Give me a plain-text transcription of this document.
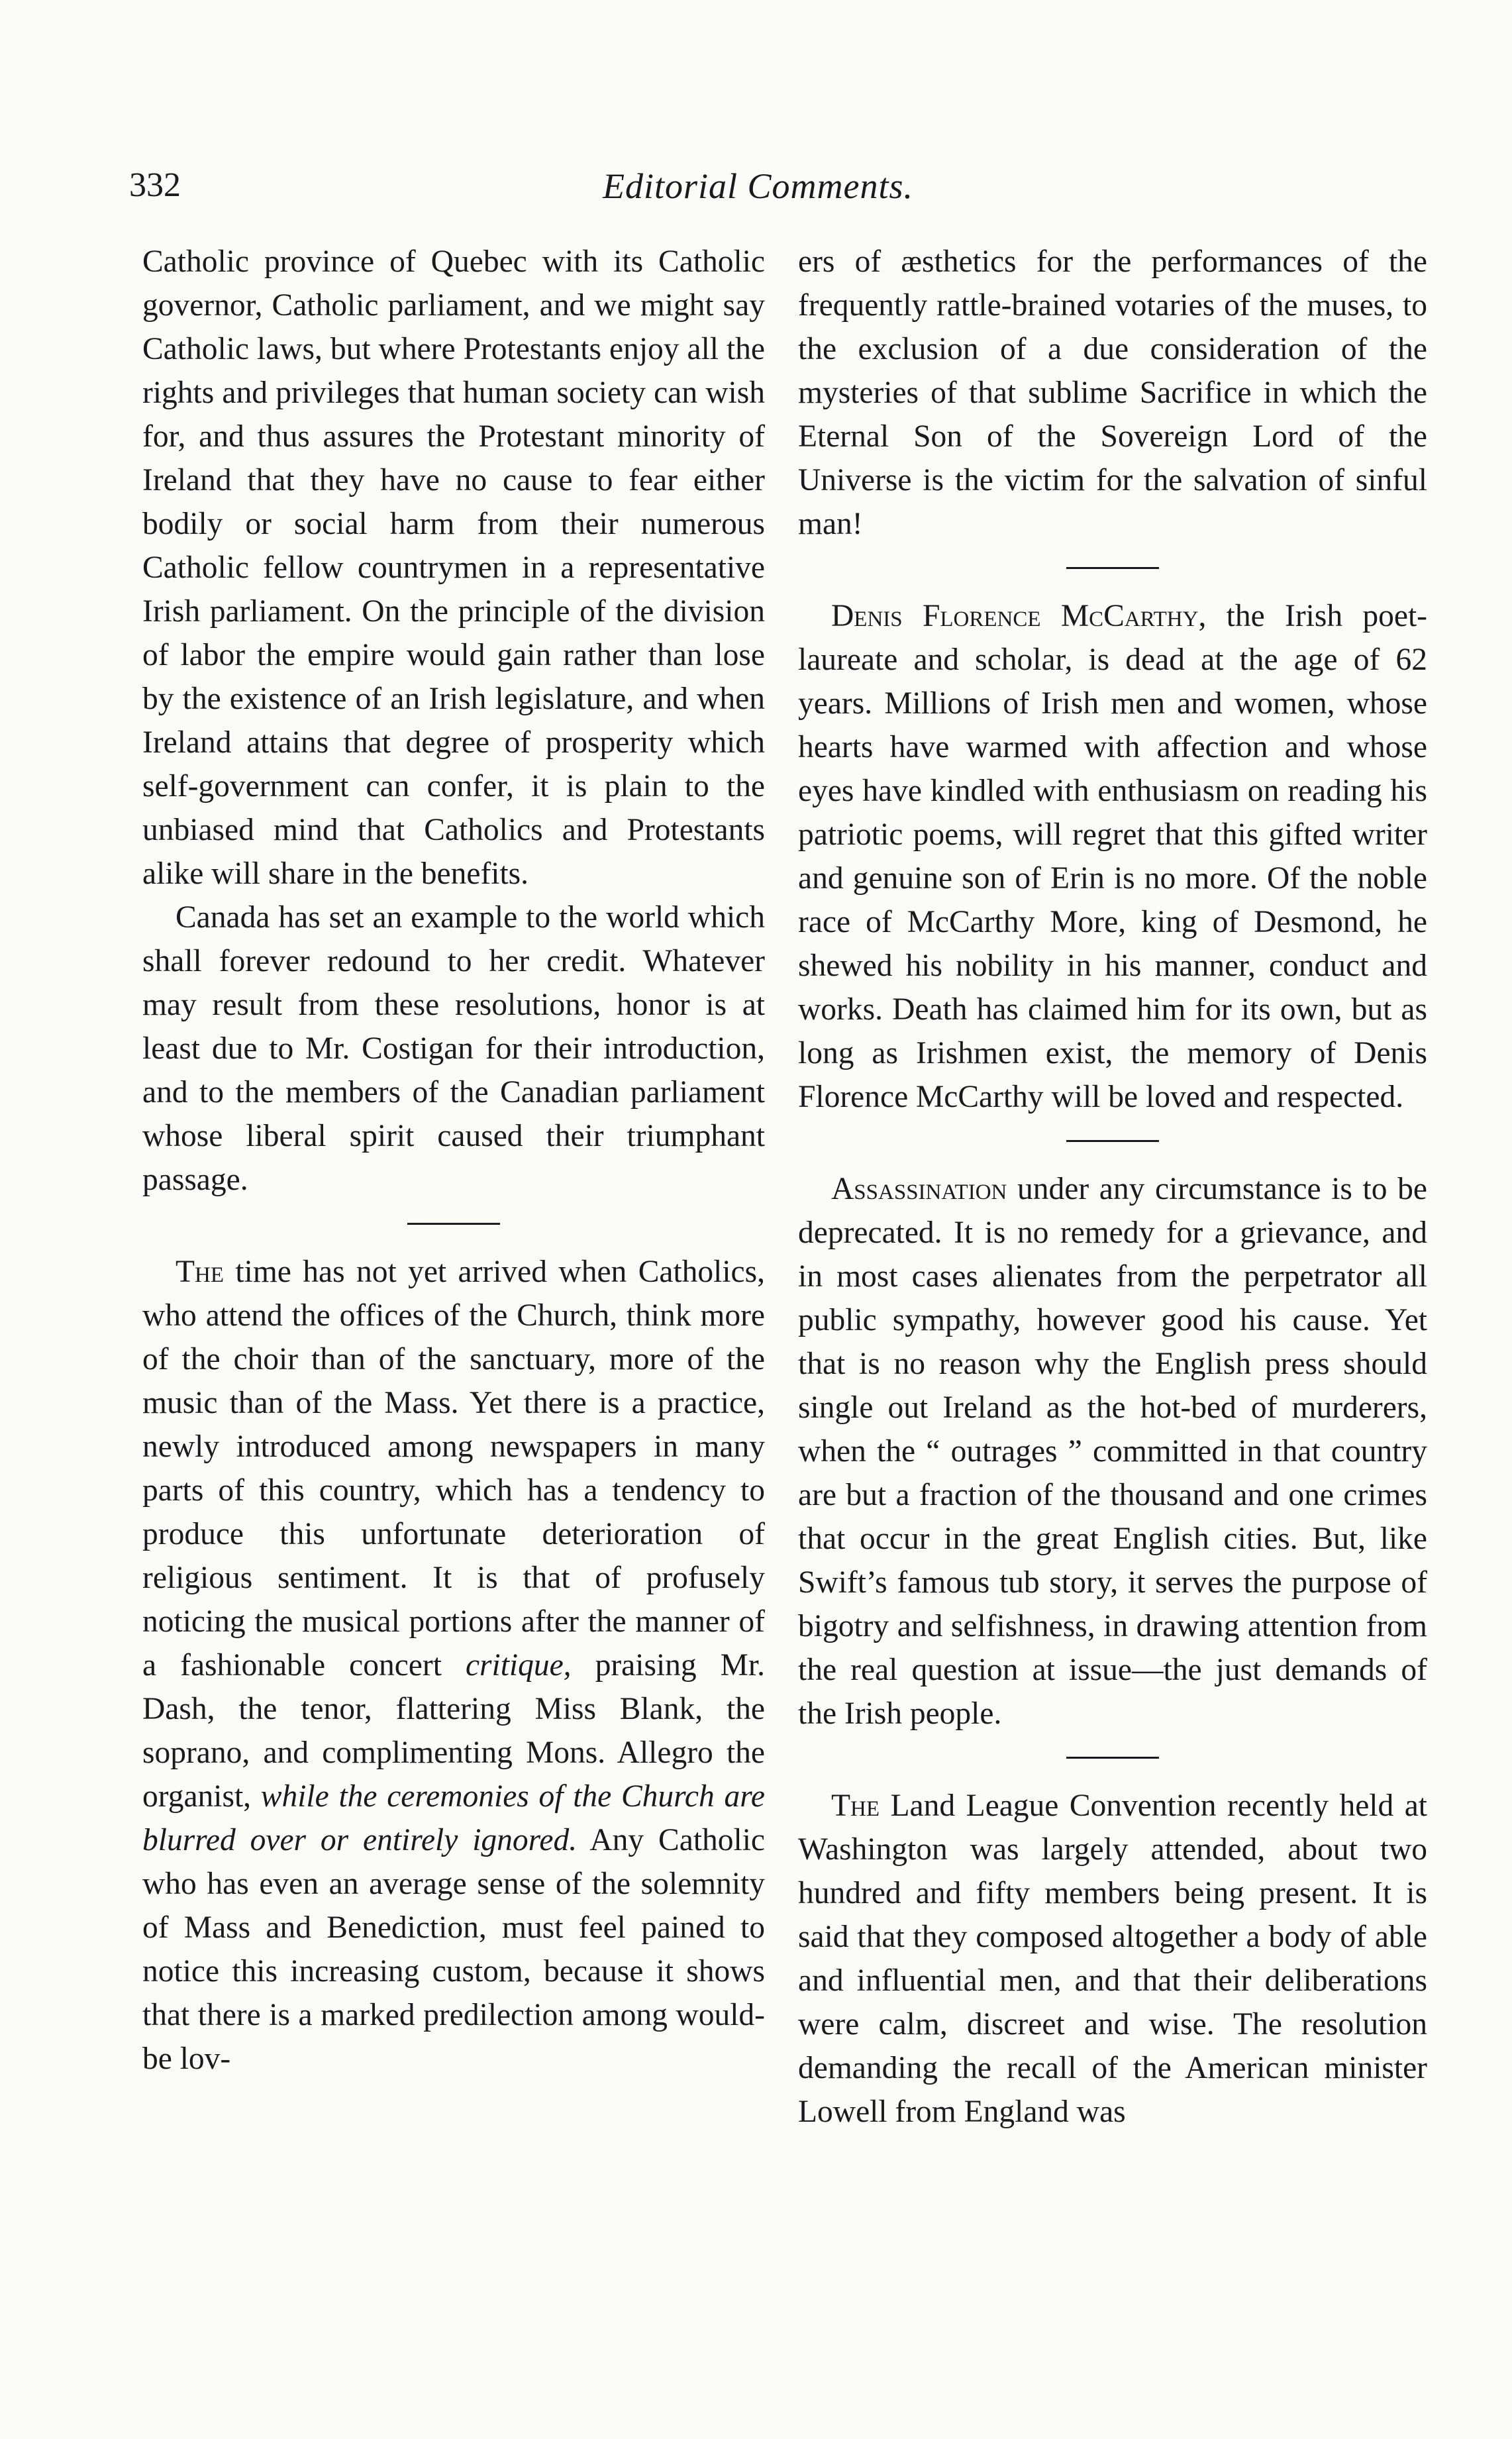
332	Editorial Comments.

Catholic province of Quebec with its Catholic governor, Catholic parliament, and we might say Catholic laws, but where Protestants enjoy all the rights and privileges that human society can wish for, and thus assures the Protestant minority of Ireland that they have no cause to fear either bodily or social harm from their numerous Catholic fellow countrymen in a representative Irish parliament. On the principle of the division of labor the empire would gain rather than lose by the existence of an Irish legislature, and when Ireland attains that degree of prosperity which self-government can confer, it is plain to the unbiased mind that Catholics and Protestants alike will share in the benefits.

Canada has set an example to the world which shall forever redound to her credit. Whatever may result from these resolutions, honor is at least due to Mr. Costigan for their introduction, and to the members of the Canadian parliament whose liberal spirit caused their triumphant passage.

The time has not yet arrived when Catholics, who attend the offices of the Church, think more of the choir than of the sanctuary, more of the music than of the Mass. Yet there is a practice, newly introduced among newspapers in many parts of this country, which has a tendency to produce this unfortunate deterioration of religious sentiment. It is that of profusely noticing the musical portions after the manner of a fashionable concert critique, praising Mr. Dash, the tenor, flattering Miss Blank, the soprano, and complimenting Mons. Allegro the organist, while the ceremonies of the Church are blurred over or entirely ignored. Any Catholic who has even an average sense of the solemnity of Mass and Benediction, must feel pained to notice this increasing custom, because it shows that there is a marked predilection among would-be lov-

ers of æsthetics for the performances of the frequently rattle-brained votaries of the muses, to the exclusion of a due consideration of the mysteries of that sublime Sacrifice in which the Eternal Son of the Sovereign Lord of the Universe is the victim for the salvation of sinful man!

Denis Florence McCarthy, the Irish poet-laureate and scholar, is dead at the age of 62 years. Millions of Irish men and women, whose hearts have warmed with affection and whose eyes have kindled with enthusiasm on reading his patriotic poems, will regret that this gifted writer and genuine son of Erin is no more. Of the noble race of McCarthy More, king of Desmond, he shewed his nobility in his manner, conduct and works. Death has claimed him for its own, but as long as Irishmen exist, the memory of Denis Florence McCarthy will be loved and respected.

Assassination under any circumstance is to be deprecated. It is no remedy for a grievance, and in most cases alienates from the perpetrator all public sympathy, however good his cause. Yet that is no reason why the English press should single out Ireland as the hot-bed of murderers, when the “ outrages ” committed in that country are but a fraction of the thousand and one crimes that occur in the great English cities. But, like Swift’s famous tub story, it serves the purpose of bigotry and selfishness, in drawing attention from the real question at issue—the just demands of the Irish people.

The Land League Convention recently held at Washington was largely attended, about two hundred and fifty members being present. It is said that they composed altogether a body of able and influential men, and that their deliberations were calm, discreet and wise. The resolution demanding the recall of the American minister Lowell from England was
